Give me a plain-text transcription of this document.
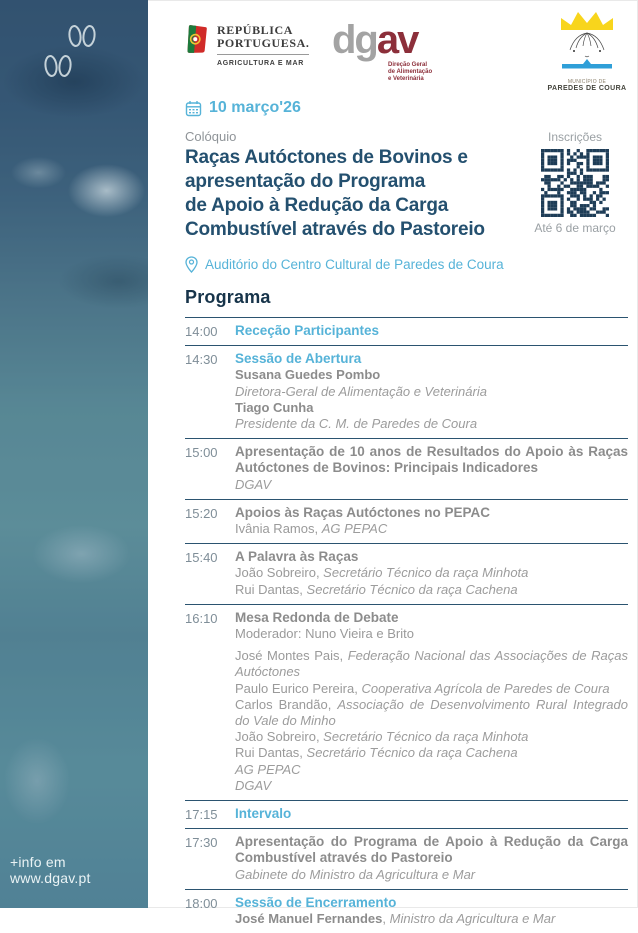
+info em www.dgav.pt
REPÚBLICA
PORTUGUESA.
AGRICULTURA E MAR
dgav
Direção Geral
de Alimentação
e Veterinária	MUNICÍPIO DE
PAREDES DE COURA
10 março'26
Colóquio
Raças Autóctones de Bovinos e
apresentação do Programa
de Apoio à Redução da Carga
Combustível através do Pastoreio
Inscrições
Até 6 de março
Auditório do Centro Cultural de Paredes de Coura
Programa
14:00	Receção Participantes
14:30	Sessão de Abertura
Susana Guedes Pombo
Diretora-Geral de Alimentação e Veterinária
Tiago Cunha
Presidente da C. M. de Paredes de Coura
15:00	Apresentação de 10 anos de Resultados do Apoio às Raças Autóctones de Bovinos: Principais Indicadores
DGAV
15:20	Apoios às Raças Autóctones no PEPAC
Ivânia Ramos, AG PEPAC
15:40	A Palavra às Raças
João Sobreiro, Secretário Técnico da raça Minhota
Rui Dantas, Secretário Técnico da raça Cachena
16:10	Mesa Redonda de Debate
Moderador: Nuno Vieira e Brito
José Montes Pais, Federação Nacional das Associações de Raças Autóctones
Paulo Eurico Pereira, Cooperativa Agrícola de Paredes de Coura
Carlos Brandão, Associação de Desenvolvimento Rural Integrado do Vale do Minho
João Sobreiro, Secretário Técnico da raça Minhota
Rui Dantas, Secretário Técnico da raça Cachena
AG PEPAC
DGAV
17:15	Intervalo
17:30	Apresentação do Programa de Apoio à Redução da Carga Combustível através do Pastoreio
Gabinete do Ministro da Agricultura e Mar
18:00	Sessão de Encerramento
José Manuel Fernandes, Ministro da Agricultura e Mar
